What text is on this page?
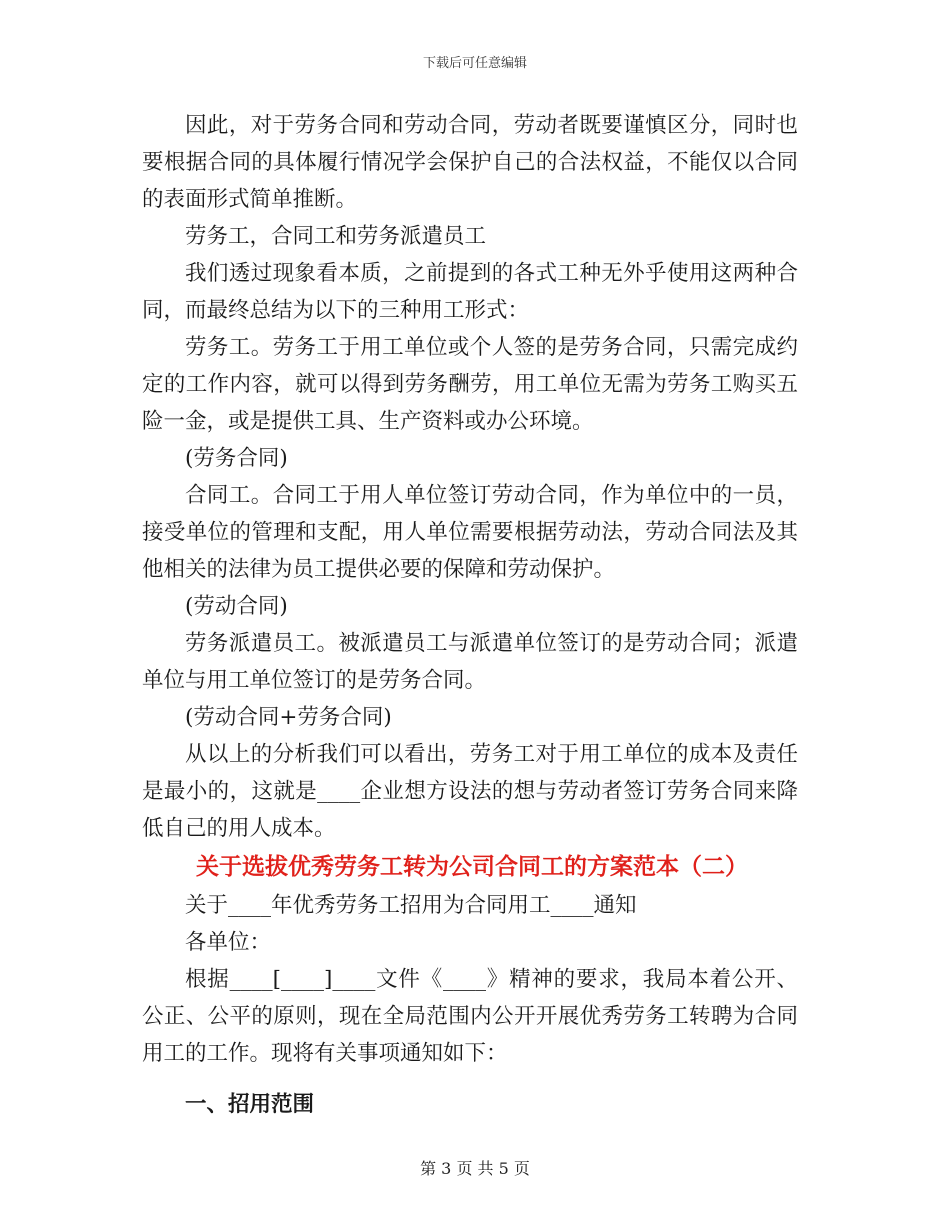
下载后可任意编辑

因此，对于劳务合同和劳动合同，劳动者既要谨慎区分，同时也要根据合同的具体履行情况学会保护自己的合法权益，不能仅以合同的表面形式简单推断。

劳务工，合同工和劳务派遣员工

我们透过现象看本质，之前提到的各式工种无外乎使用这两种合同，而最终总结为以下的三种用工形式：

劳务工。劳务工于用工单位或个人签的是劳务合同，只需完成约定的工作内容，就可以得到劳务酬劳，用工单位无需为劳务工购买五险一金，或是提供工具、生产资料或办公环境。

(劳务合同)

合同工。合同工于用人单位签订劳动合同，作为单位中的一员，接受单位的管理和支配，用人单位需要根据劳动法，劳动合同法及其他相关的法律为员工提供必要的保障和劳动保护。

(劳动合同)

劳务派遣员工。被派遣员工与派遣单位签订的是劳动合同；派遣单位与用工单位签订的是劳务合同。

(劳动合同+劳务合同)

从以上的分析我们可以看出，劳务工对于用工单位的成本及责任是最小的，这就是____企业想方设法的想与劳动者签订劳务合同来降低自己的用人成本。

关于选拔优秀劳务工转为公司合同工的方案范本（二）

关于____年优秀劳务工招用为合同用工____通知

各单位：

根据____[____]____文件《____》精神的要求，我局本着公开、公正、公平的原则，现在全局范围内公开开展优秀劳务工转聘为合同用工的工作。现将有关事项通知如下：

一、招用范围

第 3 页 共 5 页
